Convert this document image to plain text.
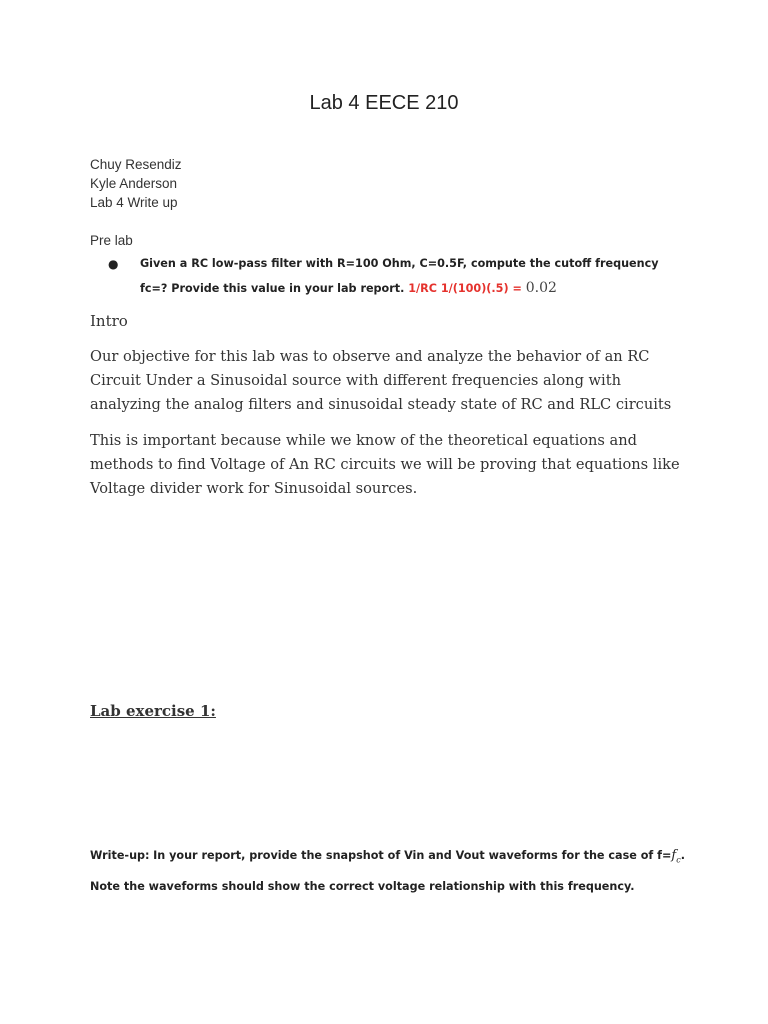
Lab 4 EECE 210
Chuy Resendiz
Kyle Anderson
Lab 4 Write up
Pre lab
●	Given a RC low-pass filter with R=100 Ohm, C=0.5F, compute the cutoff frequency fc=? Provide this value in your lab report. 1/RC 1/(100)(.5) = 0.02
Intro
Our objective for this lab was to observe and analyze the behavior of an RC Circuit Under a Sinusoidal source with different frequencies along with analyzing the analog filters and sinusoidal steady state of RC and RLC circuits
This is important because while we know of the theoretical equations and methods to find Voltage of An RC circuits we will be proving that equations like Voltage divider work for Sinusoidal sources.
Lab exercise 1:
Write-up: In your report, provide the snapshot of Vin and Vout waveforms for the case of $f=f_c$. Note the waveforms should show the correct voltage relationship with this frequency.
